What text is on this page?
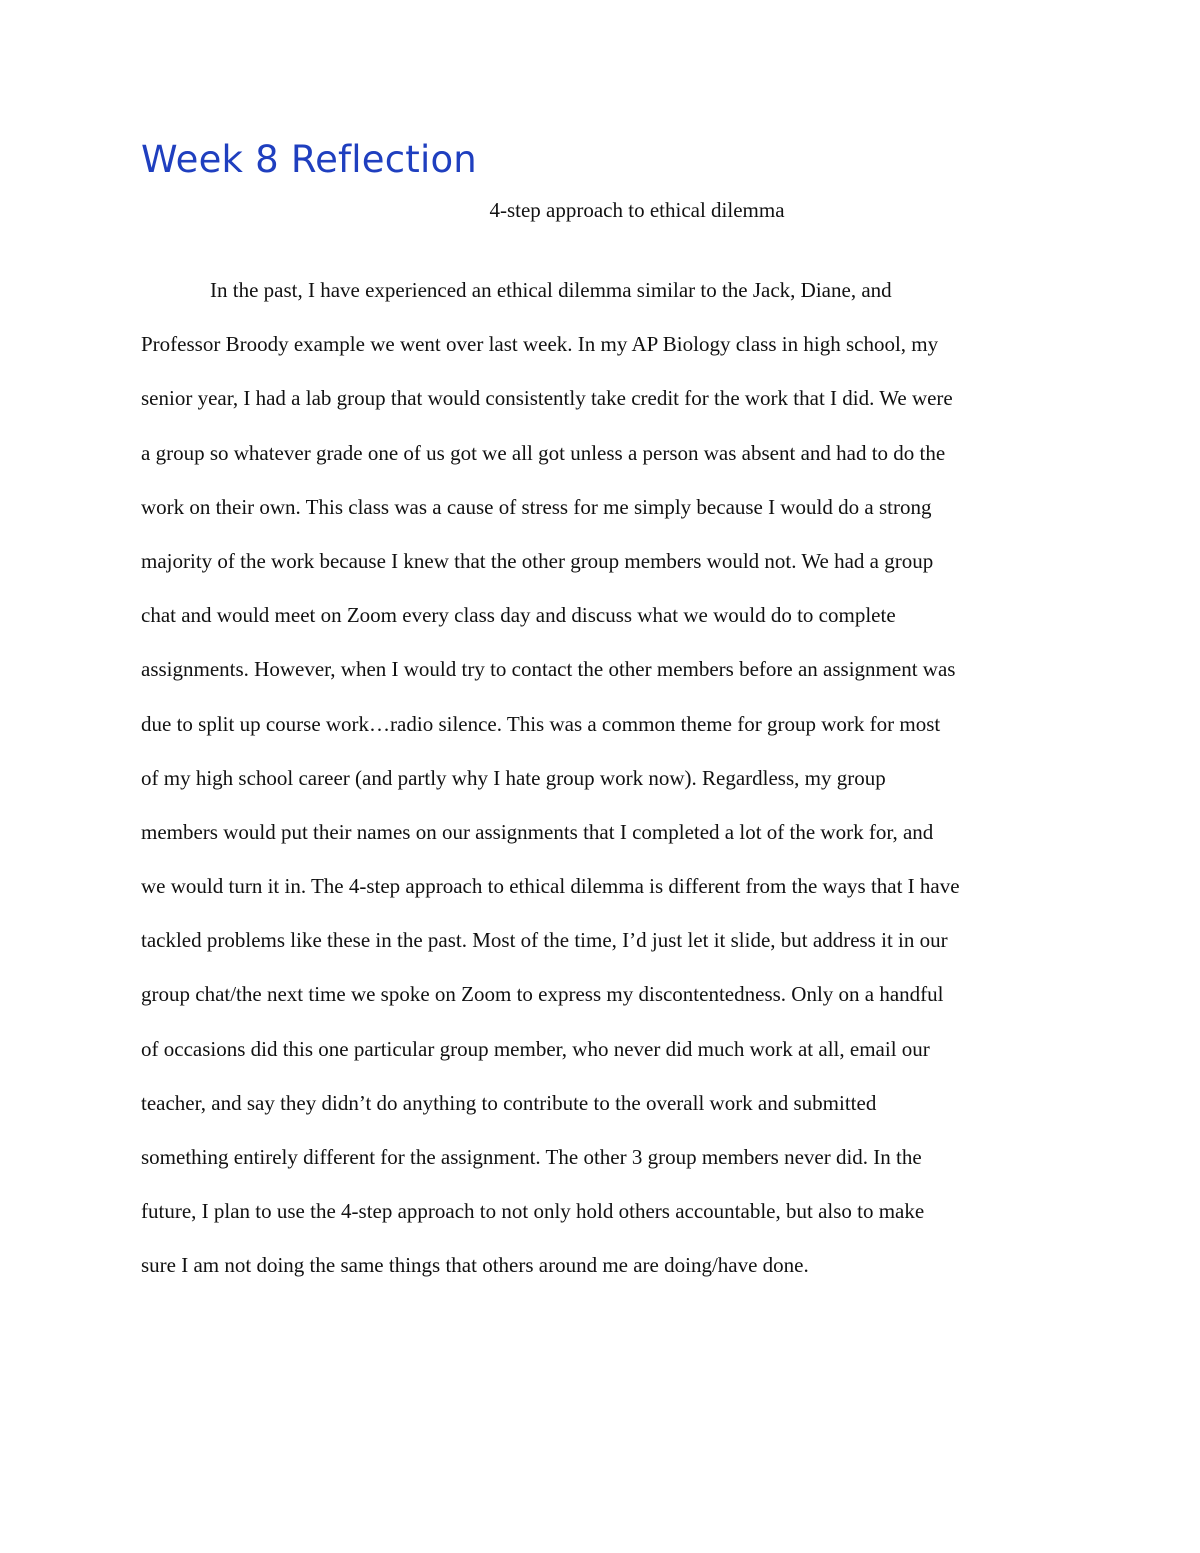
Week 8 Reflection
4-step approach to ethical dilemma
In the past, I have experienced an ethical dilemma similar to the Jack, Diane, and
Professor Broody example we went over last week. In my AP Biology class in high school, my
senior year, I had a lab group that would consistently take credit for the work that I did. We were
a group so whatever grade one of us got we all got unless a person was absent and had to do the
work on their own. This class was a cause of stress for me simply because I would do a strong
majority of the work because I knew that the other group members would not. We had a group
chat and would meet on Zoom every class day and discuss what we would do to complete
assignments. However, when I would try to contact the other members before an assignment was
due to split up course work…radio silence. This was a common theme for group work for most
of my high school career (and partly why I hate group work now). Regardless, my group
members would put their names on our assignments that I completed a lot of the work for, and
we would turn it in. The 4-step approach to ethical dilemma is different from the ways that I have
tackled problems like these in the past. Most of the time, I’d just let it slide, but address it in our
group chat/the next time we spoke on Zoom to express my discontentedness. Only on a handful
of occasions did this one particular group member, who never did much work at all, email our
teacher, and say they didn’t do anything to contribute to the overall work and submitted
something entirely different for the assignment. The other 3 group members never did. In the
future, I plan to use the 4-step approach to not only hold others accountable, but also to make
sure I am not doing the same things that others around me are doing/have done.
